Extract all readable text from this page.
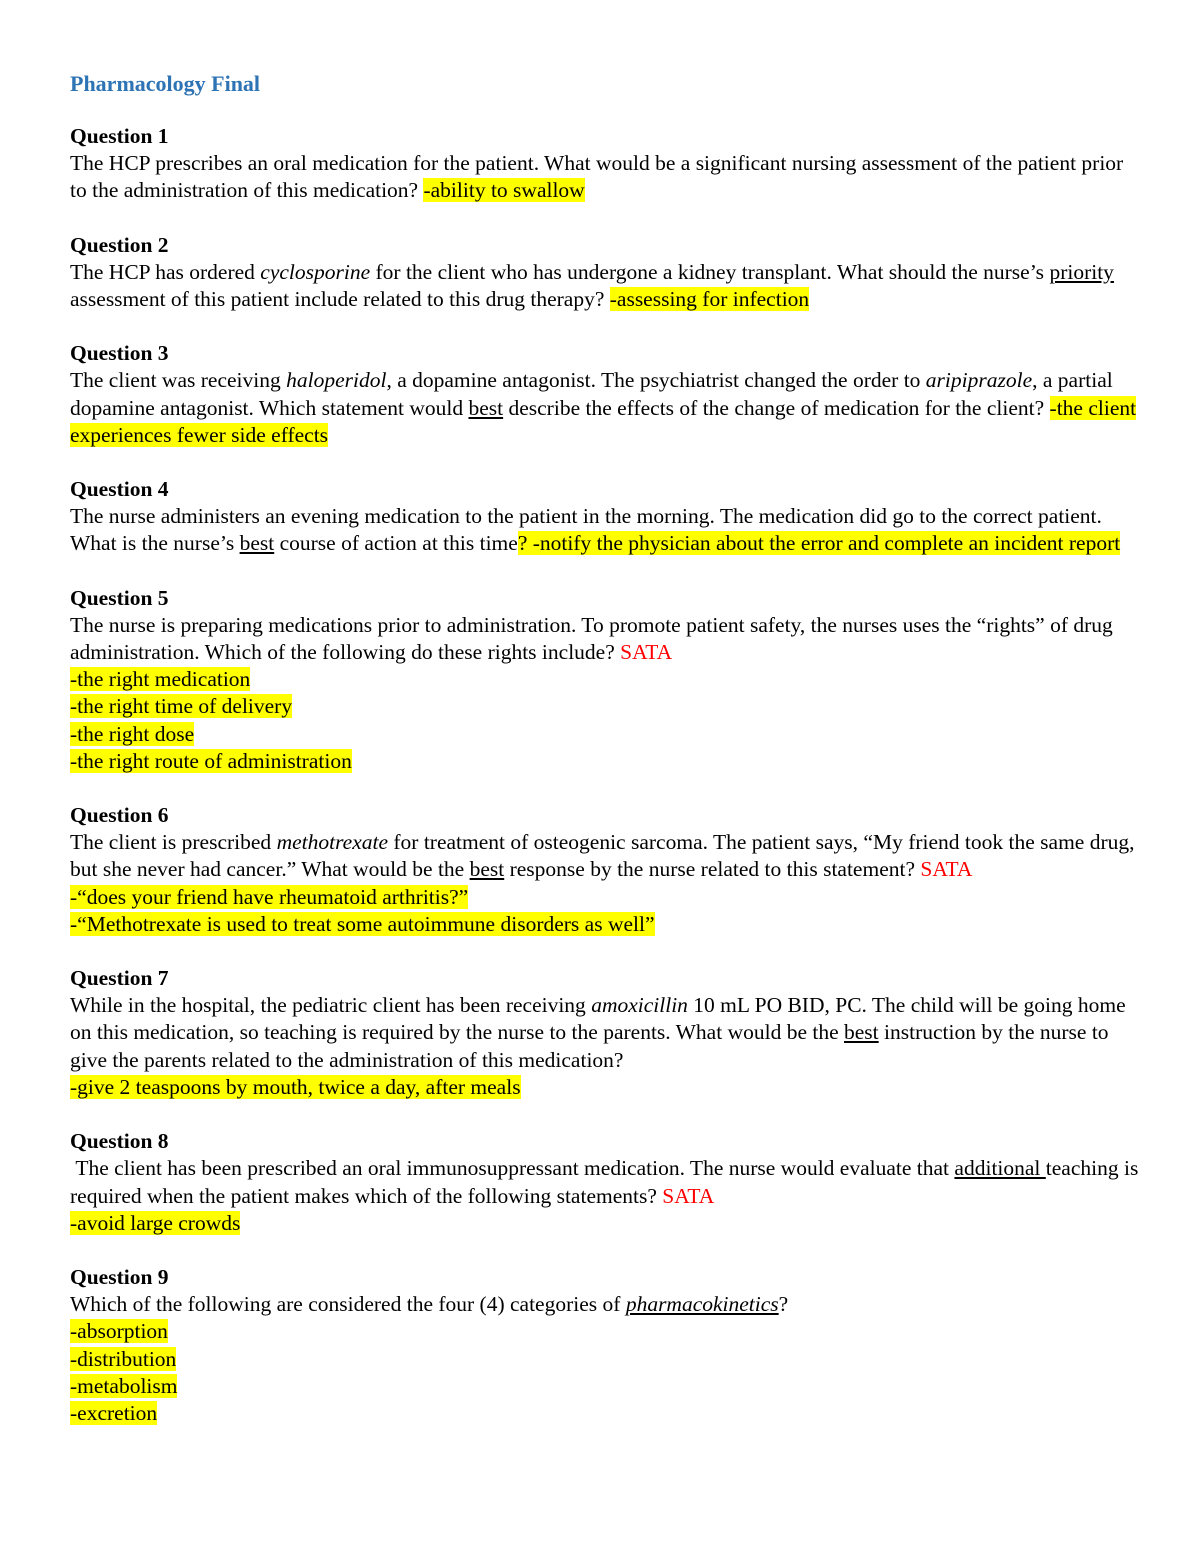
Pharmacology Final
Question 1
The HCP prescribes an oral medication for the patient. What would be a significant nursing assessment of the patient prior to the administration of this medication? -ability to swallow
Question 2
The HCP has ordered cyclosporine for the client who has undergone a kidney transplant. What should the nurse’s priority assessment of this patient include related to this drug therapy? -assessing for infection
Question 3
The client was receiving haloperidol, a dopamine antagonist. The psychiatrist changed the order to aripiprazole, a partial dopamine antagonist. Which statement would best describe the effects of the change of medication for the client? -the client experiences fewer side effects
Question 4
The nurse administers an evening medication to the patient in the morning. The medication did go to the correct patient. What is the nurse’s best course of action at this time? -notify the physician about the error and complete an incident report
Question 5
The nurse is preparing medications prior to administration. To promote patient safety, the nurses uses the “rights” of drug administration. Which of the following do these rights include? SATA
-the right medication
-the right time of delivery
-the right dose
-the right route of administration
Question 6
The client is prescribed methotrexate for treatment of osteogenic sarcoma. The patient says, “My friend took the same drug, but she never had cancer.” What would be the best response by the nurse related to this statement? SATA
-“does your friend have rheumatoid arthritis?”
-“Methotrexate is used to treat some autoimmune disorders as well”
Question 7
While in the hospital, the pediatric client has been receiving amoxicillin 10 mL PO BID, PC. The child will be going home on this medication, so teaching is required by the nurse to the parents. What would be the best instruction by the nurse to give the parents related to the administration of this medication?
-give 2 teaspoons by mouth, twice a day, after meals
Question 8
The client has been prescribed an oral immunosuppressant medication. The nurse would evaluate that additional teaching is required when the patient makes which of the following statements? SATA
-avoid large crowds
Question 9
Which of the following are considered the four (4) categories of pharmacokinetics?
-absorption
-distribution
-metabolism
-excretion
